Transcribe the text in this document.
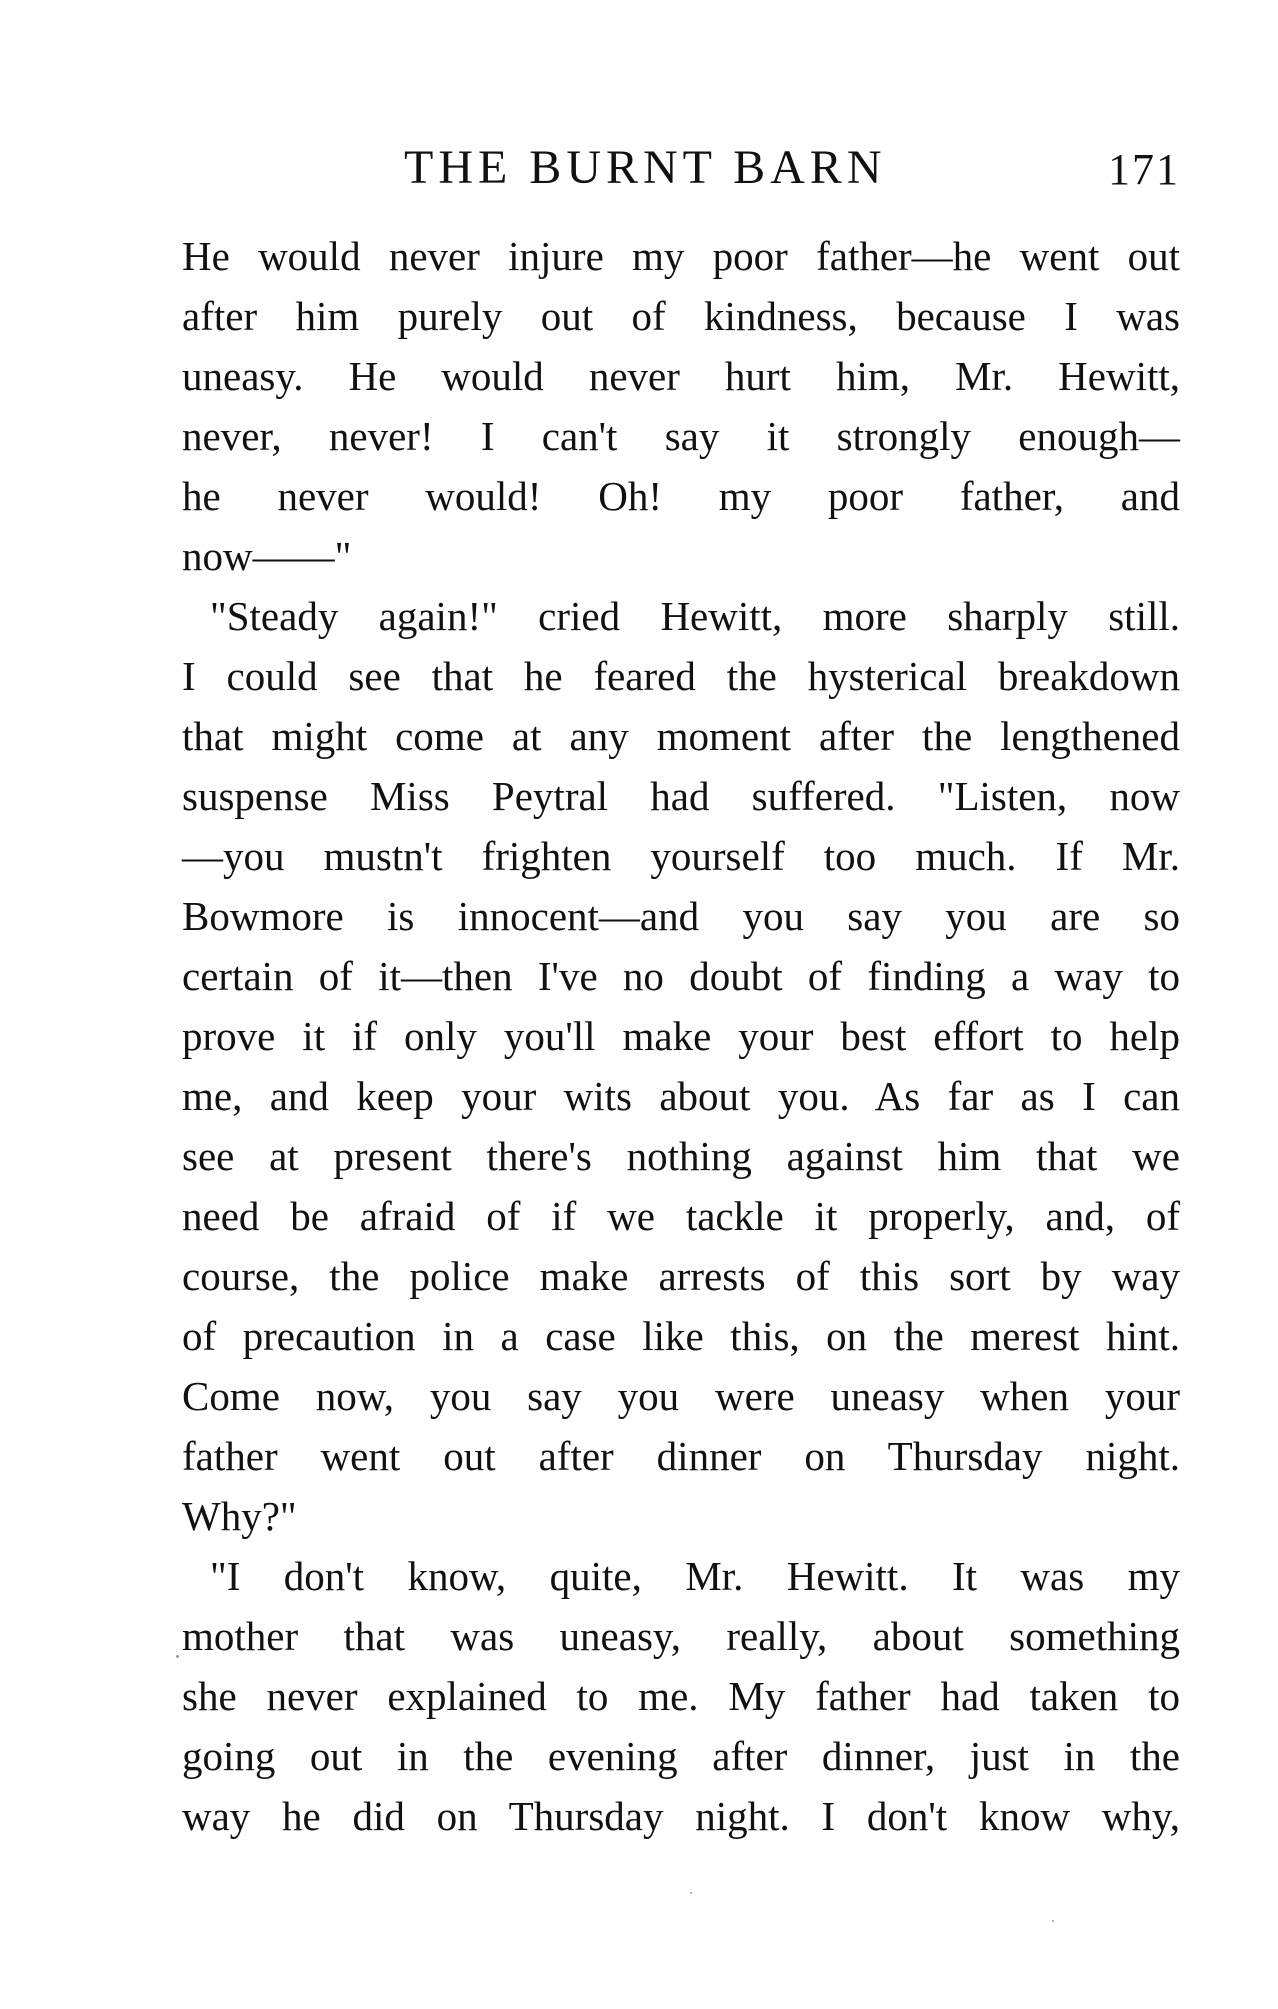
THE BURNT BARN	171
He would never injure my poor father—he went out
after him purely out of kindness, because I was
uneasy. He would never hurt him, Mr. Hewitt,
never, never! I can't say it strongly enough—
he never would! Oh! my poor father, and
now——"
"Steady again!" cried Hewitt, more sharply still.
I could see that he feared the hysterical breakdown
that might come at any moment after the lengthened
suspense Miss Peytral had suffered. "Listen, now
—you mustn't frighten yourself too much. If Mr.
Bowmore is innocent—and you say you are so
certain of it—then I've no doubt of finding a way to
prove it if only you'll make your best effort to help
me, and keep your wits about you. As far as I can
see at present there's nothing against him that we
need be afraid of if we tackle it properly, and, of
course, the police make arrests of this sort by way
of precaution in a case like this, on the merest hint.
Come now, you say you were uneasy when your
father went out after dinner on Thursday night.
Why?"
"I don't know, quite, Mr. Hewitt. It was my
mother that was uneasy, really, about something
she never explained to me. My father had taken to
going out in the evening after dinner, just in the
way he did on Thursday night. I don't know why,
